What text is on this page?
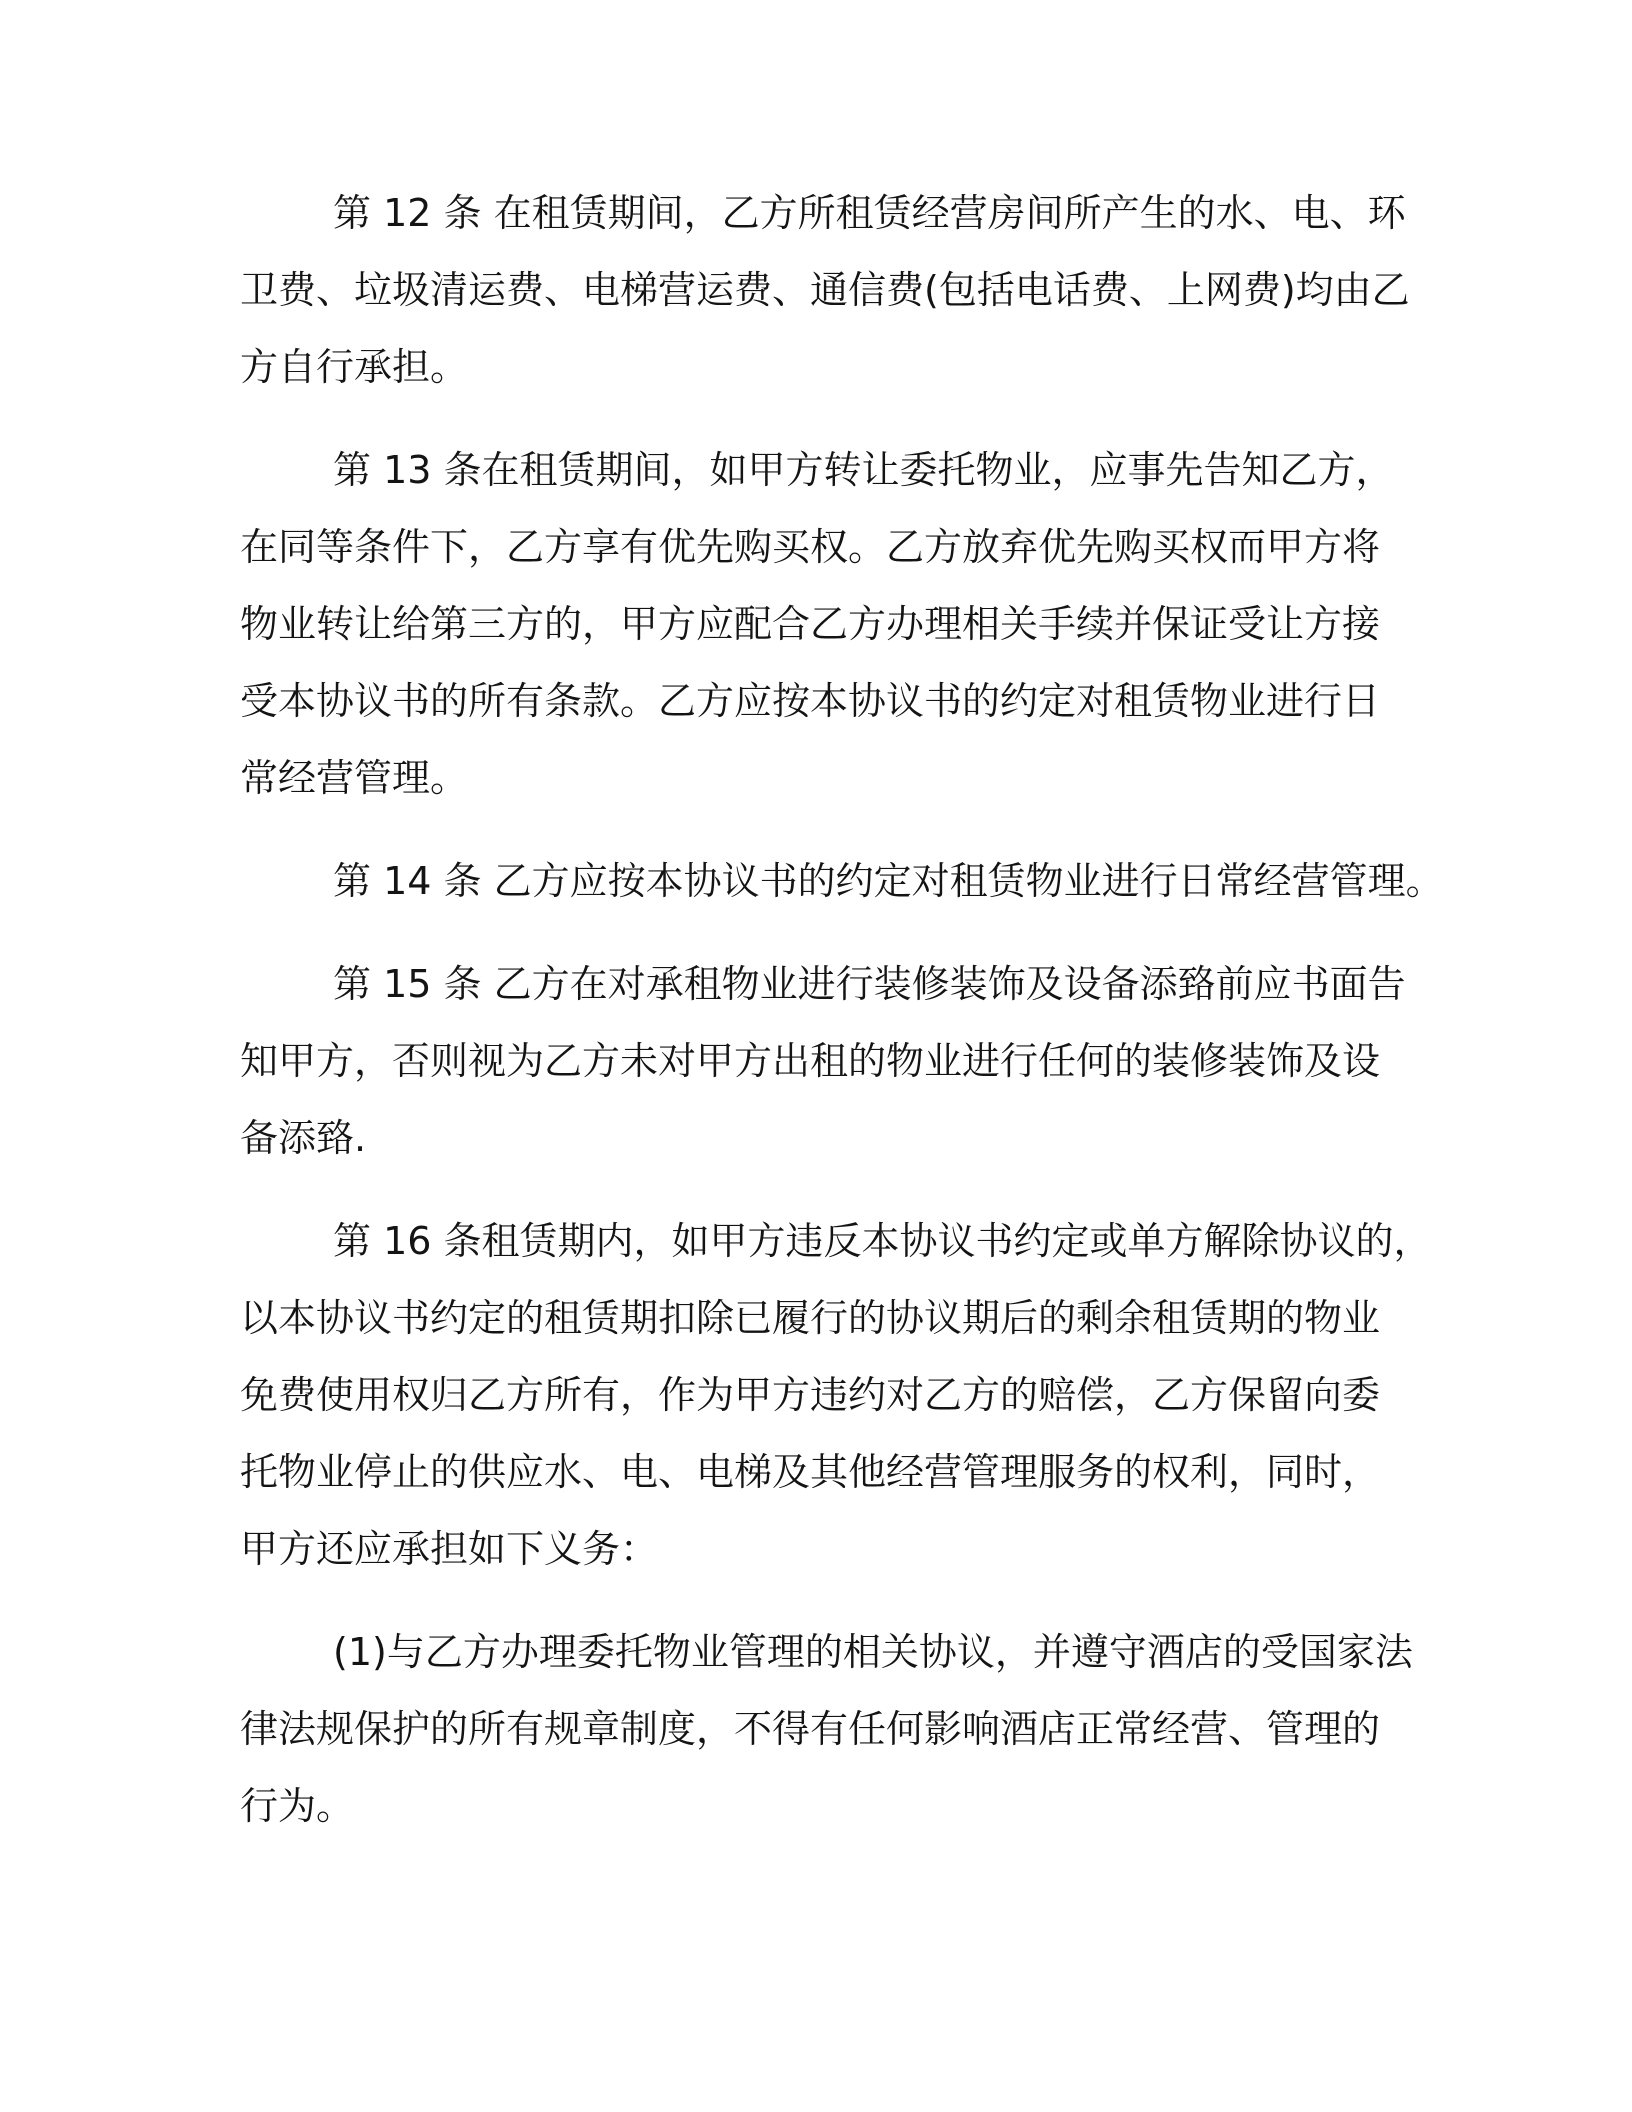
第 12 条 在租赁期间，乙方所租赁经营房间所产生的水、电、环
卫费、垃圾清运费、电梯营运费、通信费(包括电话费、上网费)均由乙
方自行承担。
第 13 条在租赁期间，如甲方转让委托物业，应事先告知乙方，
在同等条件下，乙方享有优先购买权。乙方放弃优先购买权而甲方将
物业转让给第三方的，甲方应配合乙方办理相关手续并保证受让方接
受本协议书的所有条款。乙方应按本协议书的约定对租赁物业进行日
常经营管理。
第 14 条 乙方应按本协议书的约定对租赁物业进行日常经营管理。
第 15 条 乙方在对承租物业进行装修装饰及设备添臵前应书面告
知甲方，否则视为乙方未对甲方出租的物业进行任何的装修装饰及设
备添臵.
第 16 条租赁期内，如甲方违反本协议书约定或单方解除协议的，
以本协议书约定的租赁期扣除已履行的协议期后的剩余租赁期的物业
免费使用权归乙方所有，作为甲方违约对乙方的赔偿，乙方保留向委
托物业停止的供应水、电、电梯及其他经营管理服务的权利，同时，
甲方还应承担如下义务：
(1)与乙方办理委托物业管理的相关协议，并遵守酒店的受国家法
律法规保护的所有规章制度，不得有任何影响酒店正常经营、管理的
行为。
